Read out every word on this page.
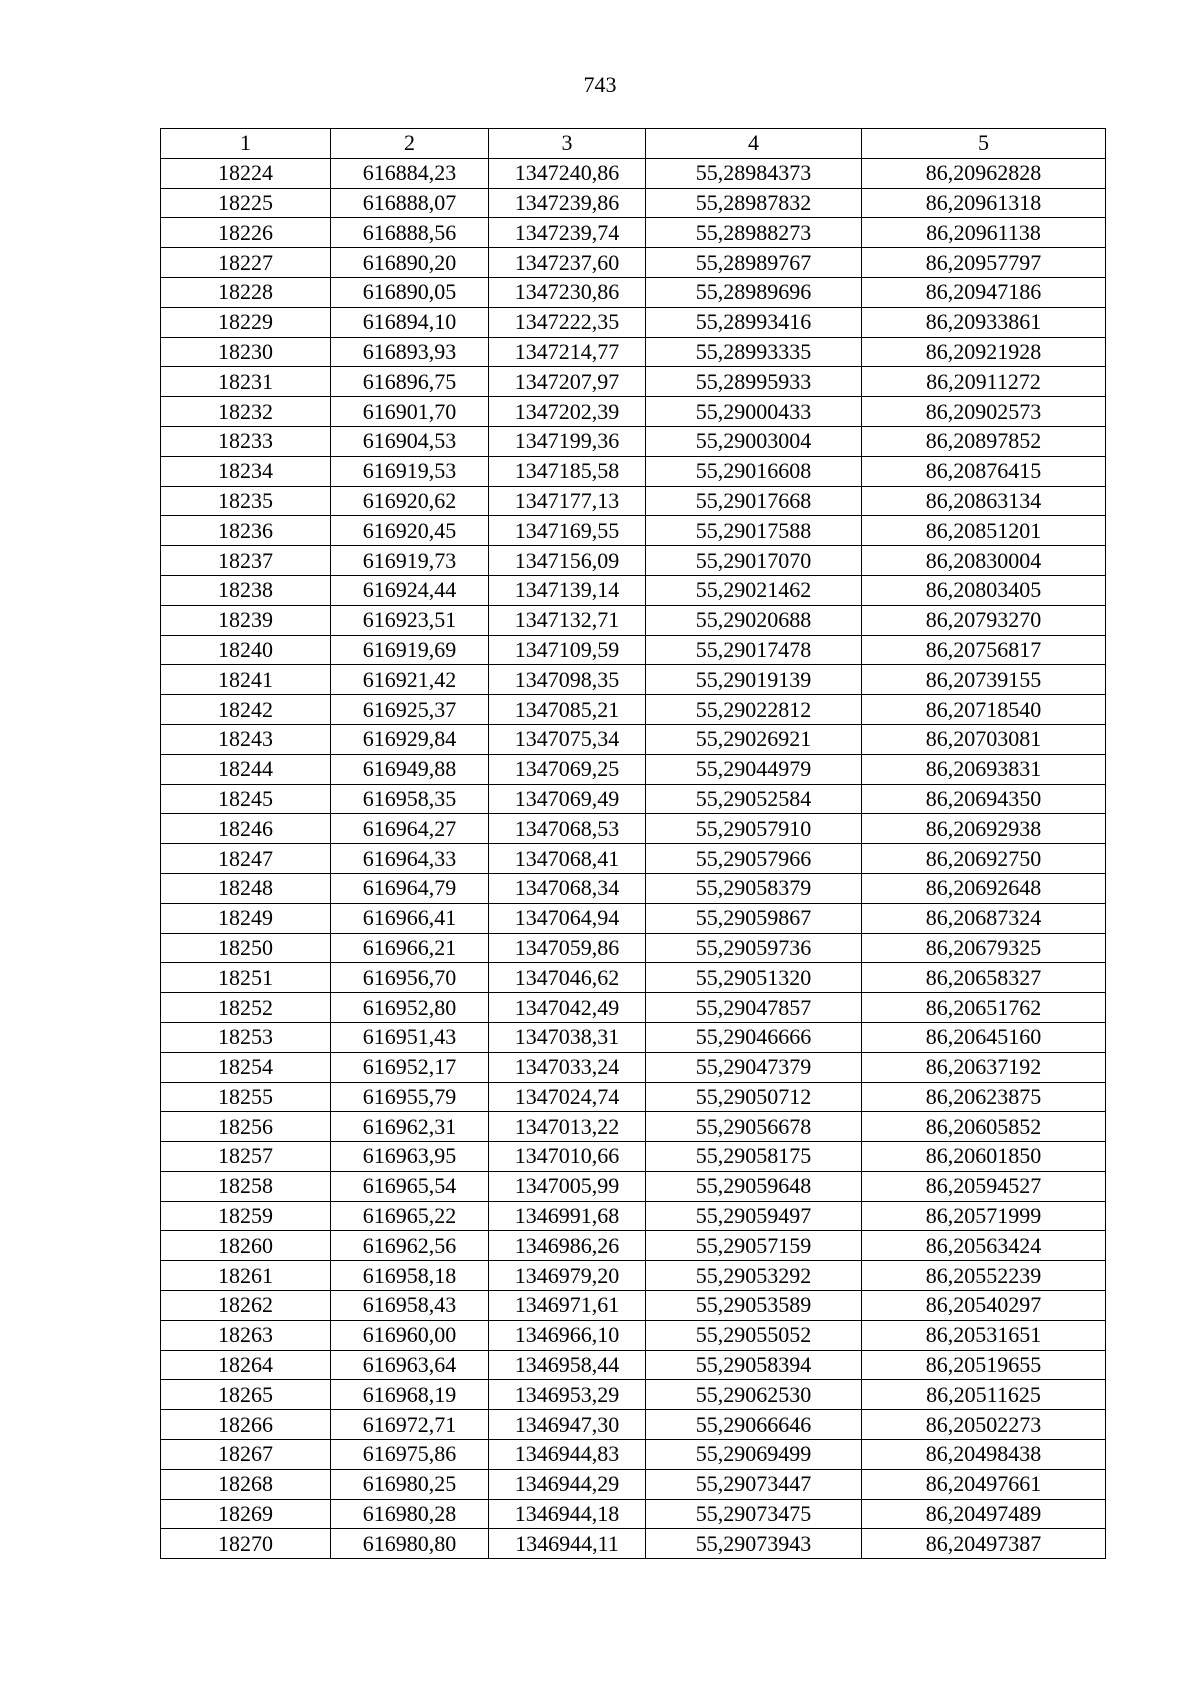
743
1	2	3	4	5
18224	616884,23	1347240,86	55,28984373	86,20962828
18225	616888,07	1347239,86	55,28987832	86,20961318
18226	616888,56	1347239,74	55,28988273	86,20961138
18227	616890,20	1347237,60	55,28989767	86,20957797
18228	616890,05	1347230,86	55,28989696	86,20947186
18229	616894,10	1347222,35	55,28993416	86,20933861
18230	616893,93	1347214,77	55,28993335	86,20921928
18231	616896,75	1347207,97	55,28995933	86,20911272
18232	616901,70	1347202,39	55,29000433	86,20902573
18233	616904,53	1347199,36	55,29003004	86,20897852
18234	616919,53	1347185,58	55,29016608	86,20876415
18235	616920,62	1347177,13	55,29017668	86,20863134
18236	616920,45	1347169,55	55,29017588	86,20851201
18237	616919,73	1347156,09	55,29017070	86,20830004
18238	616924,44	1347139,14	55,29021462	86,20803405
18239	616923,51	1347132,71	55,29020688	86,20793270
18240	616919,69	1347109,59	55,29017478	86,20756817
18241	616921,42	1347098,35	55,29019139	86,20739155
18242	616925,37	1347085,21	55,29022812	86,20718540
18243	616929,84	1347075,34	55,29026921	86,20703081
18244	616949,88	1347069,25	55,29044979	86,20693831
18245	616958,35	1347069,49	55,29052584	86,20694350
18246	616964,27	1347068,53	55,29057910	86,20692938
18247	616964,33	1347068,41	55,29057966	86,20692750
18248	616964,79	1347068,34	55,29058379	86,20692648
18249	616966,41	1347064,94	55,29059867	86,20687324
18250	616966,21	1347059,86	55,29059736	86,20679325
18251	616956,70	1347046,62	55,29051320	86,20658327
18252	616952,80	1347042,49	55,29047857	86,20651762
18253	616951,43	1347038,31	55,29046666	86,20645160
18254	616952,17	1347033,24	55,29047379	86,20637192
18255	616955,79	1347024,74	55,29050712	86,20623875
18256	616962,31	1347013,22	55,29056678	86,20605852
18257	616963,95	1347010,66	55,29058175	86,20601850
18258	616965,54	1347005,99	55,29059648	86,20594527
18259	616965,22	1346991,68	55,29059497	86,20571999
18260	616962,56	1346986,26	55,29057159	86,20563424
18261	616958,18	1346979,20	55,29053292	86,20552239
18262	616958,43	1346971,61	55,29053589	86,20540297
18263	616960,00	1346966,10	55,29055052	86,20531651
18264	616963,64	1346958,44	55,29058394	86,20519655
18265	616968,19	1346953,29	55,29062530	86,20511625
18266	616972,71	1346947,30	55,29066646	86,20502273
18267	616975,86	1346944,83	55,29069499	86,20498438
18268	616980,25	1346944,29	55,29073447	86,20497661
18269	616980,28	1346944,18	55,29073475	86,20497489
18270	616980,80	1346944,11	55,29073943	86,20497387
